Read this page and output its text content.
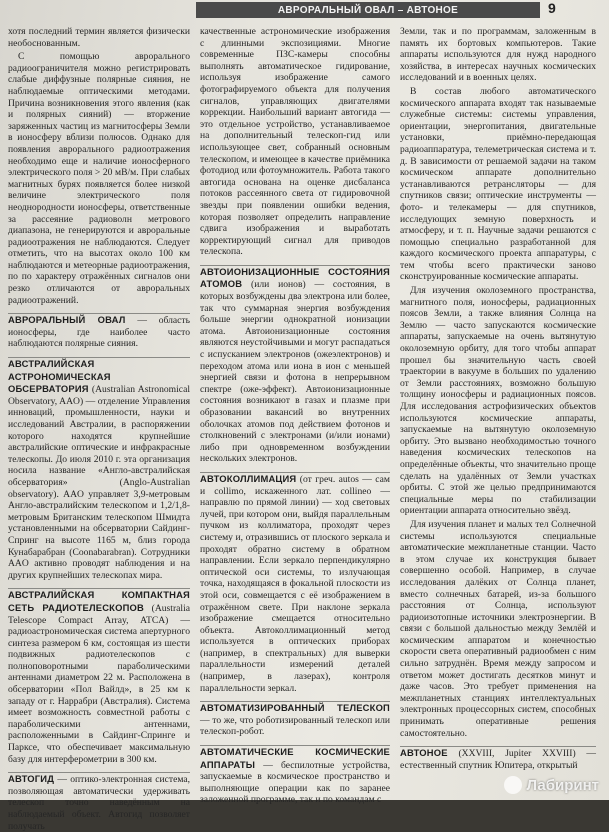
АВРОРАЛЬНЫЙ ОВАЛ – АВТОНОЕ	9

хотя последний термин является физически необоснованным.

С помощью аврорального радиоограничителя можно регистрировать слабые диффузные полярные сияния, не наблюдаемые оптическими методами. Причина возникновения этого явления (как и полярных сияний) — вторжение заряженных частиц из магнитосферы Земли в ионосферу вблизи полюсов. Однако для появления аврорального радиоотражения необходимо еще и наличие ионосферного электрического поля > 20 мВ/м. При слабых магнитных бурях появляется более низкой величине электрического поля неоднородности ионосферы, ответственные за рассеяние радиоволн метрового диапазона, не генерируются и авроральные радиоотражения не наблюдаются. Следует отметить, что на высотах около 100 км наблюдаются и метеорные радиоотражения, по по характеру отражённых сигналов они резко отличаются от авроральных радиоотражений.

АВРОРАЛЬНЫЙ ОВАЛ — область ионосферы, где наиболее часто наблюдаются полярные сияния.

АВСТРАЛИЙСКАЯ АСТРОНОМИЧЕСКАЯ ОБСЕРВАТОРИЯ (Australian Astronomical Observatory, AAO) — отделение Управления инноваций, промышленности, науки и исследований Австралии, в распоряжении которого находятся крупнейшие австралийские оптические и инфракрасные телескопы. До июля 2010 г. эта организация носила название «Англо-австралийская обсерватория» (Anglo-Australian observatory). AAO управляет 3,9-метровым Англо-австралийским телескопом и 1,2/1,8-метровым Британским телескопом Шмидта установленными на обсерватории Сайдинг-Спринг на высоте 1165 м, близ города Кунабарабран (Coonabarabran). Сотрудники AAO активно проводят наблюдения и на других крупнейших телескопах мира.

АВСТРАЛИЙСКАЯ КОМПАКТНАЯ СЕТЬ РАДИОТЕЛЕСКОПОВ (Australia Telescope Compact Array, ATCA) — радиоастрономическая система апертурного синтеза размером 6 км, состоящая из шести подвижных радиотелескопов с полноповоротными параболическими антеннами диаметром 22 м. Расположена в обсерватории «Пол Вайлд», в 25 км к западу от г. Наррабри (Австралия). Система имеет возможность совместной работы с параболическими антеннами, расположенными в Сайдинг-Спринге и Парксе, что обеспечивает максимальную базу для интерферометрии в 300 км.

АВТОГИД — оптико-электронная система, позволяющая автоматически удерживать телескоп точно наведённым на наблюдаемый объект. Автогид позволяет получать

качественные астрономические изображения с длинными экспозициями. Многие современные ПЗС-камеры способны выполнять автоматическое гидирование, используя изображение самого фотографируемого объекта для получения сигналов, управляющих двигателями коррекции. Наибольший вариант автогида — это отдельное устройство, устанавливаемое на дополнительный телескоп-гид или использующее свет, собранный основным телескопом, и имеющее в качестве приёмника фотодиод или фотоумножитель. Работа такого автогида основана на оценке дисбаланса потоков рассеянного света от гидировочной звезды при появлении ошибки ведения, которая позволяет определить направление сдвига изображения и выработать корректирующий сигнал для приводов телескопа.

АВТОИОНИЗАЦИОННЫЕ СОСТОЯНИЯ АТОМОВ (или ионов) — состояния, в которых возбуждены два электрона или более, так что суммарная энергия возбуждения больше энергии однократной ионизации атома. Автоионизационные состояния являются неустойчивыми и могут распадаться с испусканием электронов (ожеэлектронов) и переходом атома или иона в ион с меньшей энергией связи и фотона в непрерывном спектре (оже-эффект). Автоионизационные состояния возникают в газах и плазме при образовании вакансий во внутренних оболочках атомов под действием фотонов и столкновений с электронами (и/или ионами) либо при одновременном возбуждении нескольких электронов.

АВТОКОЛЛИМАЦИЯ (от греч. autos — сам и collimo, искаженного лат. collineo — направлю по прямой линии) — ход световых лучей, при котором они, выйдя параллельным пучком из коллиматора, проходят через систему и, отразившись от плоского зеркала и проходят обратно систему в обратном направлении. Если зеркало перпендикулярно оптической оси системы, то излучающая точка, находящаяся в фокальной плоскости из этой оси, совмещается с её изображением в отражённом свете. При наклоне зеркала изображение смещается относительно объекта. Автоколлимационный метод используется в оптических приборах (например, в спектральных) для выверки параллельности измерений деталей (например, в лазерах), контроля параллельности зеркал.

АВТОМАТИЗИРОВАННЫЙ ТЕЛЕСКОП — то же, что роботизированный телескоп или телескоп-робот.

АВТОМАТИЧЕСКИЕ КОСМИЧЕСКИЕ АППАРАТЫ — беспилотные устройства, запускаемые в космическое пространство и выполняющие операции как по заранее заложенной программе, так и по командам с

Земли, так и по программам, заложенным в память их бортовых компьютеров. Такие аппараты используются для нужд народного хозяйства, в интересах научных космических исследований и в военных целях.

В состав любого автоматического космического аппарата входят так называемые служебные системы: системы управления, ориентации, энергопитания, двигательные установки, приёмно-передающая радиоаппаратура, телеметрическая система и т. д. В зависимости от решаемой задачи на таком космическом аппарате дополнительно устанавливаются ретрансляторы — для спутников связи; оптические инструменты — фото- и телекамеры — для спутников, исследующих земную поверхность и атмосферу, и т. п. Научные задачи решаются с помощью специально разработанной для каждого космического проекта аппаратуры, с тем чтобы всего практически заново сконструированные космические аппараты.

Для изучения околоземного пространства, магнитного поля, ионосферы, радиационных поясов Земли, а также влияния Солнца на Землю — часто запускаются космические аппараты, запускаемые на очень вытянутую околоземную орбиту, для того чтобы аппарат прошел бы значительную часть своей траектории в вакууме в больших по удалению от Земли расстояниях, возможно большую толщину ионосферы и радиационных поясов. Для исследования астрофизических объектов используются космические аппараты, запускаемые на вытянутую околоземную орбиту. Это вызвано необходимостью точного наведения космических телескопов на определённые объекты, что значительно проще сделать на удалённых от Земли участках орбиты. С этой же целью предпринимаются специальные меры по стабилизации ориентации аппарата относительно звёзд.

Для изучения планет и малых тел Солнечной системы используются специальные автоматические межпланетные станции. Часто в этом случае их конструкция бывает совершенно особой. Например, в случае исследования далёких от Солнца планет, вместо солнечных батарей, из-за большого расстояния от Солнца, используют радиоизотопные источники электроэнергии. В связи с большой дальностью между Землёй и космическим аппаратом и конечностью скорости света оперативный радиообмен с ним сильно затруднён. Время между запросом и ответом может достигать десятков минут и даже часов. Это требует применения на межпланетных станциях интеллектуальных электронных процессорных систем, способных принимать оперативные решения самостоятельно.

АВТОНОЕ (XXVIII, Jupiter XXVIII) — естественный спутник Юпитера, открытый

Лабиринт
